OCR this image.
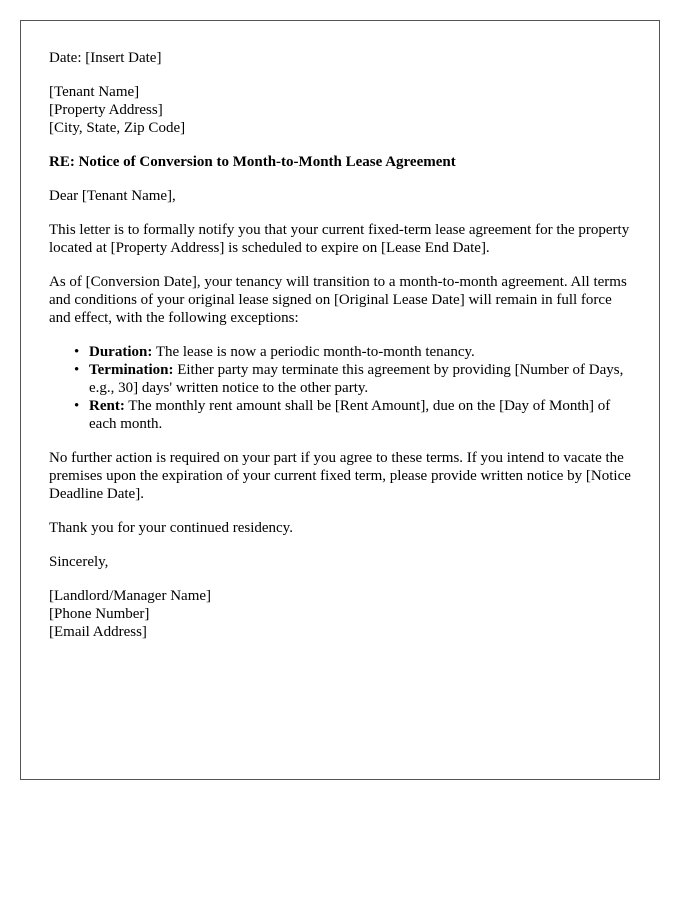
Date: [Insert Date]

[Tenant Name]
[Property Address]
[City, State, Zip Code]

RE: Notice of Conversion to Month-to-Month Lease Agreement

Dear [Tenant Name],

This letter is to formally notify you that your current fixed-term lease agreement for the property located at [Property Address] is scheduled to expire on [Lease End Date].

As of [Conversion Date], your tenancy will transition to a month-to-month agreement. All terms and conditions of your original lease signed on [Original Lease Date] will remain in full force and effect, with the following exceptions:

• Duration: The lease is now a periodic month-to-month tenancy.
• Termination: Either party may terminate this agreement by providing [Number of Days, e.g., 30] days' written notice to the other party.
• Rent: The monthly rent amount shall be [Rent Amount], due on the [Day of Month] of each month.

No further action is required on your part if you agree to these terms. If you intend to vacate the premises upon the expiration of your current fixed term, please provide written notice by [Notice Deadline Date].

Thank you for your continued residency.

Sincerely,

[Landlord/Manager Name]
[Phone Number]
[Email Address]
